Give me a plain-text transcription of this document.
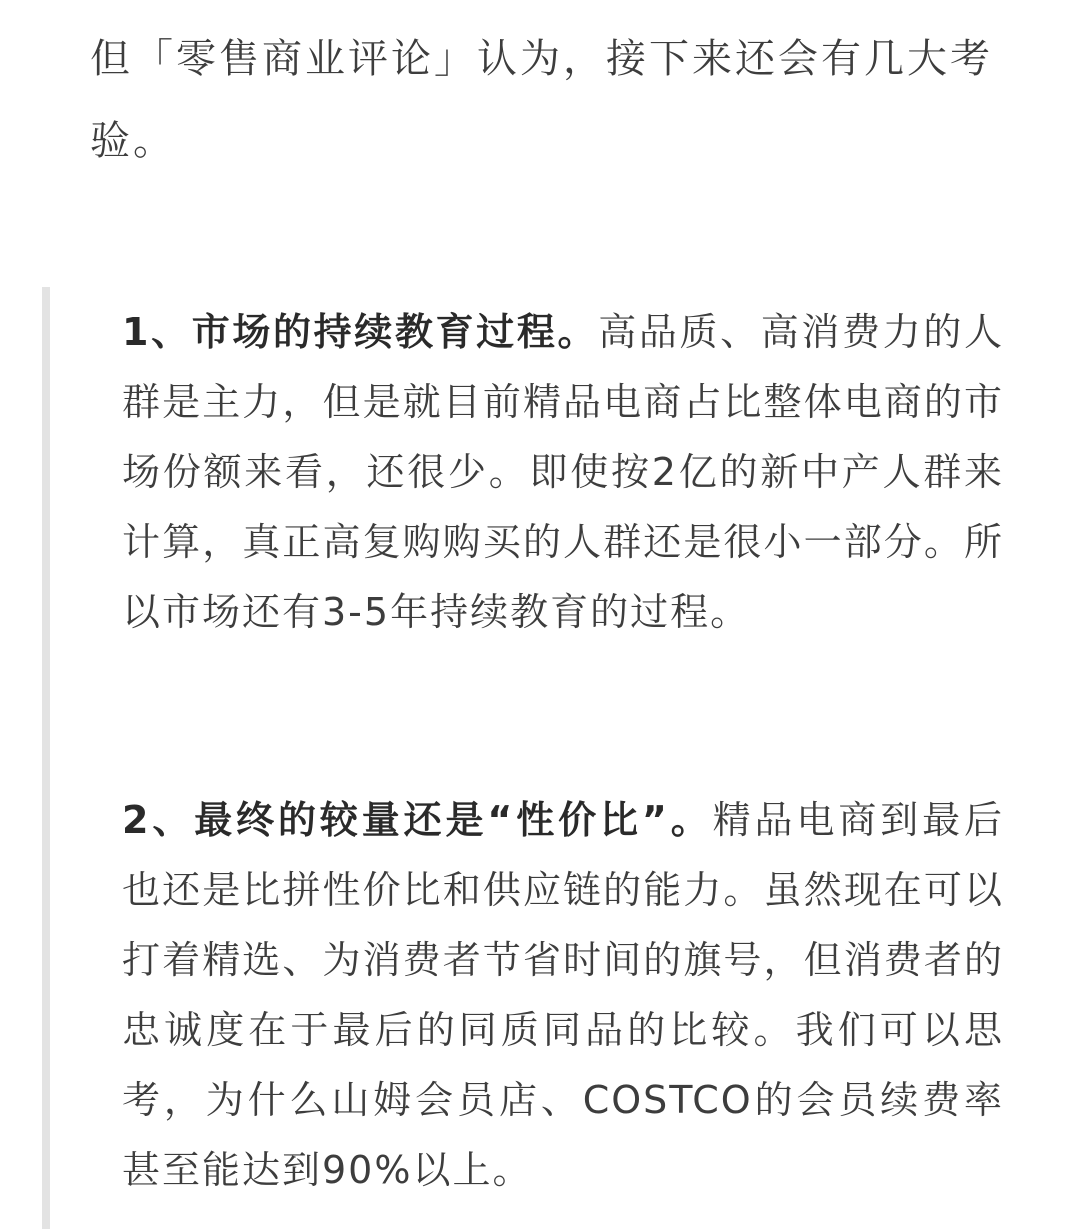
但「零售商业评论」认为，接下来还会有几大考验。

1、市场的持续教育过程。高品质、高消费力的人群是主力，但是就目前精品电商占比整体电商的市场份额来看，还很少。即使按2亿的新中产人群来计算，真正高复购购买的人群还是很小一部分。所以市场还有3-5年持续教育的过程。

2、最终的较量还是“性价比”。精品电商到最后也还是比拼性价比和供应链的能力。虽然现在可以打着精选、为消费者节省时间的旗号，但消费者的忠诚度在于最后的同质同品的比较。我们可以思考，为什么山姆会员店、COSTCO的会员续费率甚至能达到90%以上。
